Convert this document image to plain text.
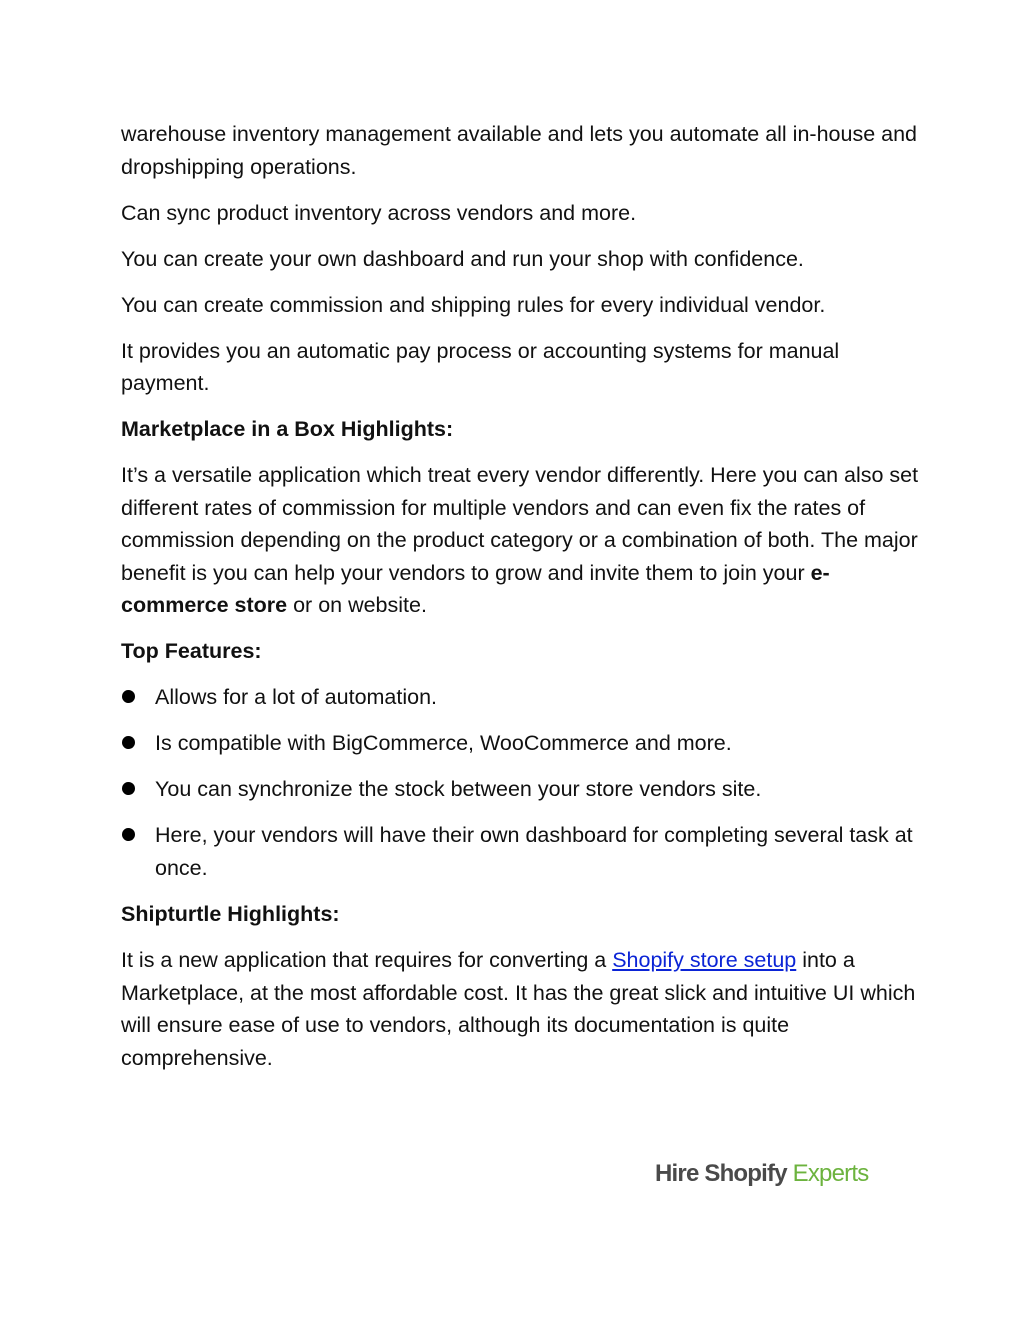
warehouse inventory management available and lets you automate all in-house and dropshipping operations.

Can sync product inventory across vendors and more.

You can create your own dashboard and run your shop with confidence.

You can create commission and shipping rules for every individual vendor.

It provides you an automatic pay process or accounting systems for manual payment.

Marketplace in a Box Highlights:

It’s a versatile application which treat every vendor differently. Here you can also set different rates of commission for multiple vendors and can even fix the rates of commission depending on the product category or a combination of both. The major benefit is you can help your vendors to grow and invite them to join your e-commerce store or on website.

Top Features:

Allows for a lot of automation.
Is compatible with BigCommerce, WooCommerce and more.
You can synchronize the stock between your store vendors site.
Here, your vendors will have their own dashboard for completing several task at once.

Shipturtle Highlights:

It is a new application that requires for converting a Shopify store setup into a Marketplace, at the most affordable cost. It has the great slick and intuitive UI which will ensure ease of use to vendors, although its documentation is quite comprehensive.

Hire Shopify Experts
